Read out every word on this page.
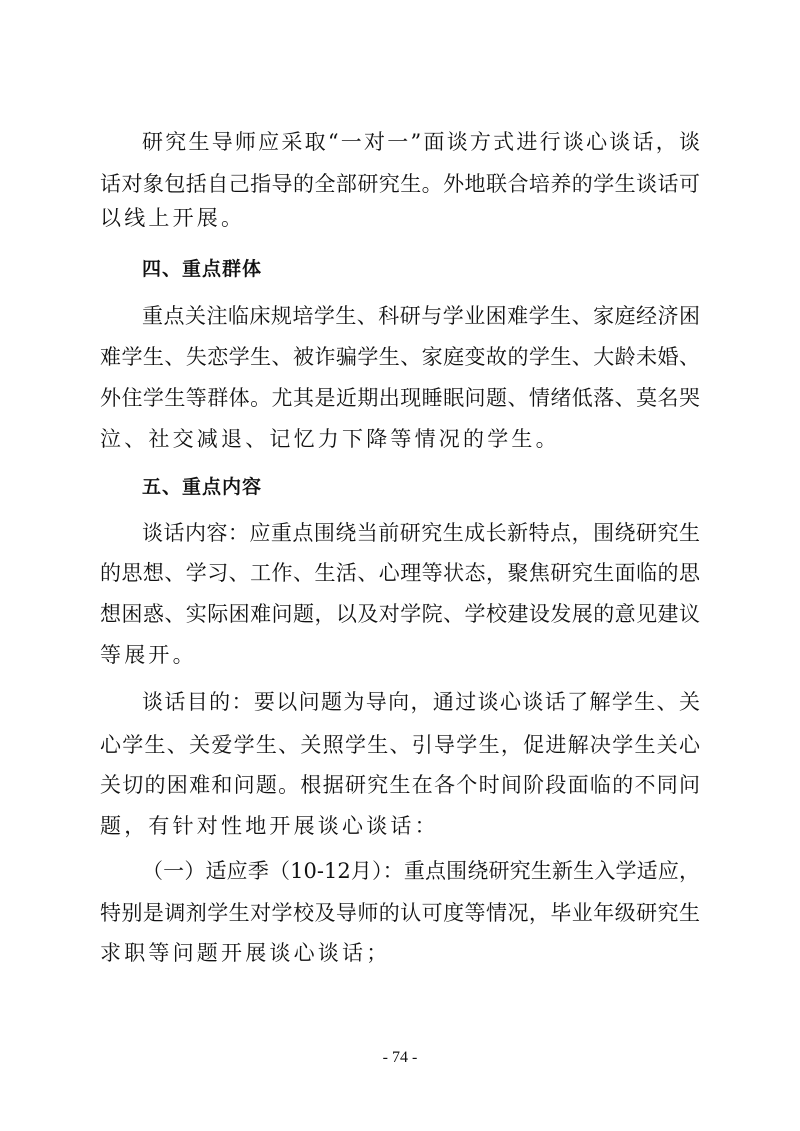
研究生导师应采取“一对一”面谈方式进行谈心谈话，谈
话对象包括自己指导的全部研究生。外地联合培养的学生谈话可
以线上开展。
四、重点群体
重点关注临床规培学生、科研与学业困难学生、家庭经济困
难学生、失恋学生、被诈骗学生、家庭变故的学生、大龄未婚、
外住学生等群体。尤其是近期出现睡眠问题、情绪低落、莫名哭
泣、社交减退、记忆力下降等情况的学生。
五、重点内容
谈话内容：应重点围绕当前研究生成长新特点，围绕研究生
的思想、学习、工作、生活、心理等状态，聚焦研究生面临的思
想困惑、实际困难问题，以及对学院、学校建设发展的意见建议
等展开。
谈话目的：要以问题为导向，通过谈心谈话了解学生、关
心学生、关爱学生、关照学生、引导学生，促进解决学生关心
关切的困难和问题。根据研究生在各个时间阶段面临的不同问
题，有针对性地开展谈心谈话：
（一）适应季（10-12月）：重点围绕研究生新生入学适应，
特别是调剂学生对学校及导师的认可度等情况，毕业年级研究生
求职等问题开展谈心谈话；
- 74 -
